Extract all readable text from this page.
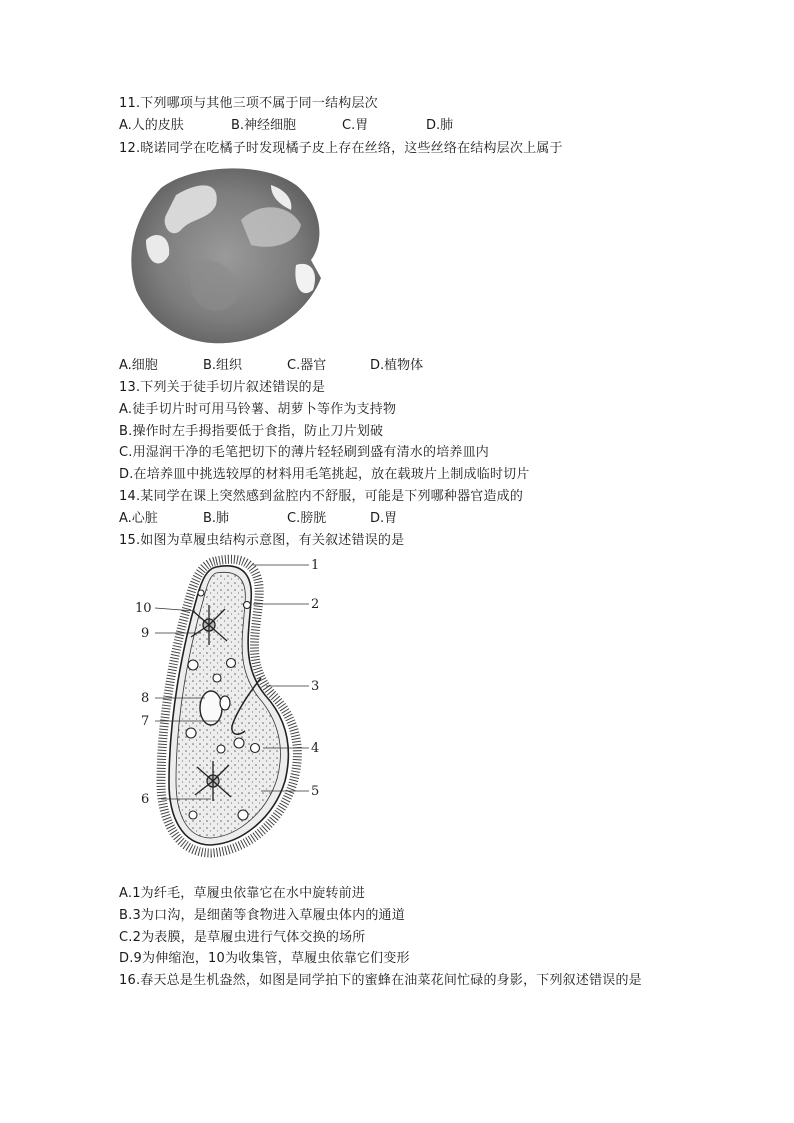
11.下列哪项与其他三项不属于同一结构层次
A.人的皮肤	B.神经细胞	C.胃	D.肺
12.晓诺同学在吃橘子时发现橘子皮上存在丝络，这些丝络在结构层次上属于
A.细胞	B.组织	C.器官	D.植物体
13.下列关于徒手切片叙述错误的是
A.徒手切片时可用马铃薯、胡萝卜等作为支持物
B.操作时左手拇指要低于食指，防止刀片划破
C.用湿润干净的毛笔把切下的薄片轻轻刷到盛有清水的培养皿内
D.在培养皿中挑选较厚的材料用毛笔挑起，放在载玻片上制成临时切片
14.某同学在课上突然感到盆腔内不舒服，可能是下列哪种器官造成的
A.心脏	B.肺	C.膀胱	D.胃
15.如图为草履虫结构示意图，有关叙述错误的是
1
2
3
4
5
6
7
8
9
10
A.1为纤毛，草履虫依靠它在水中旋转前进
B.3为口沟，是细菌等食物进入草履虫体内的通道
C.2为表膜，是草履虫进行气体交换的场所
D.9为伸缩泡，10为收集管，草履虫依靠它们变形
16.春天总是生机盎然，如图是同学拍下的蜜蜂在油菜花间忙碌的身影，下列叙述错误的是
